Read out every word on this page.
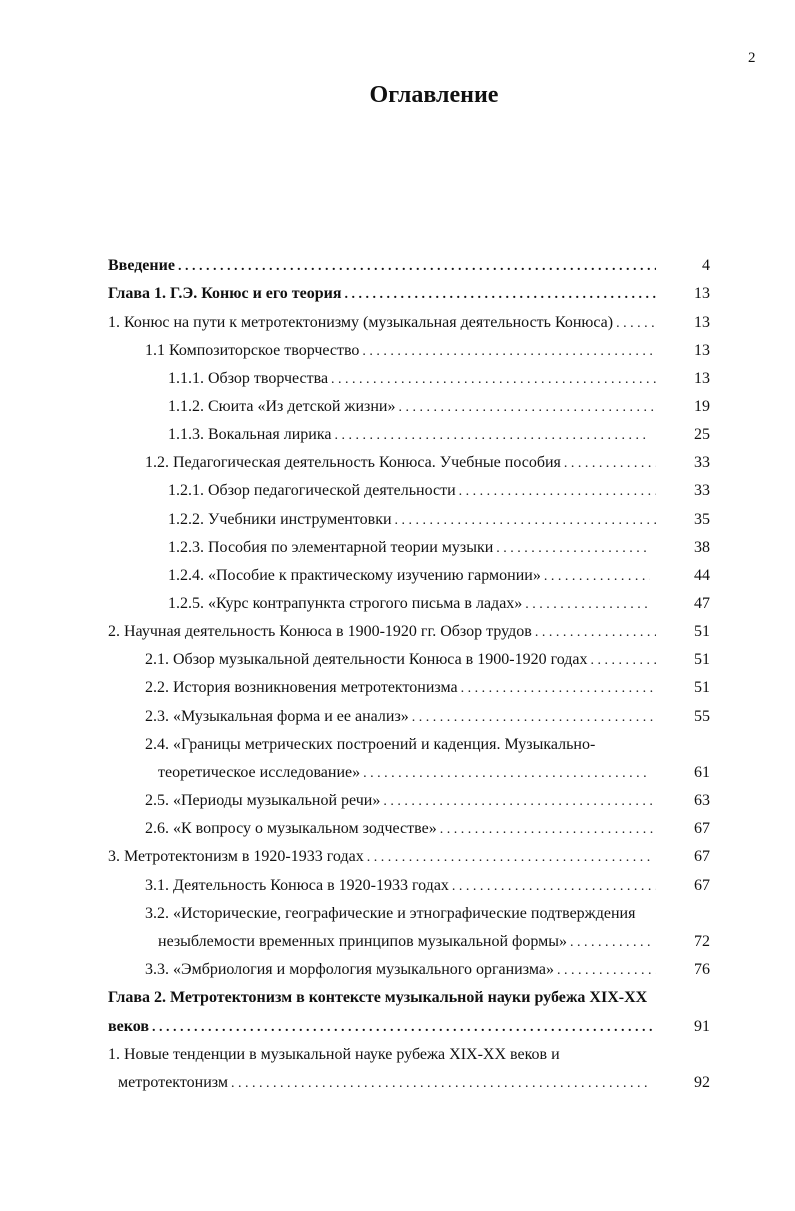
2
Оглавление
Введение .....	4
Глава 1. Г.Э. Конюс и его теория .....	13
1. Конюс на пути к метротектонизму (музыкальная деятельность Конюса) .....	13
1.1 Композиторское творчество .....	13
1.1.1. Обзор творчества .....	13
1.1.2. Сюита «Из детской жизни» .....	19
1.1.3. Вокальная лирика .....	25
1.2. Педагогическая деятельность Конюса. Учебные пособия .....	33
1.2.1. Обзор педагогической деятельности .....	33
1.2.2. Учебники инструментовки .....	35
1.2.3. Пособия по элементарной теории музыки .....	38
1.2.4. «Пособие к практическому изучению гармонии» .....	44
1.2.5. «Курс контрапункта строгого письма в ладах» .....	47
2. Научная деятельность Конюса в 1900-1920 гг. Обзор трудов .....	51
2.1. Обзор музыкальной деятельности Конюса в 1900-1920 годах .....	51
2.2. История возникновения метротектонизма .....	51
2.3. «Музыкальная форма и ее анализ» .....	55
2.4. «Границы метрических построений и каденция. Музыкально-
теоретическое исследование» .....	61
2.5. «Периоды музыкальной речи» .....	63
2.6. «К вопросу о музыкальном зодчестве» .....	67
3. Метротектонизм в 1920-1933 годах .....	67
3.1. Деятельность Конюса в 1920-1933 годах .....	67
3.2. «Исторические, географические и этнографические подтверждения
незыблемости временных принципов музыкальной формы» .....	72
3.3. «Эмбриология и морфология музыкального организма» .....	76
Глава 2. Метротектонизм в контексте музыкальной науки рубежа XIX-XX
веков .....	91
1. Новые тенденции в музыкальной науке рубежа XIX-XX веков и
метротектонизм .....	92
